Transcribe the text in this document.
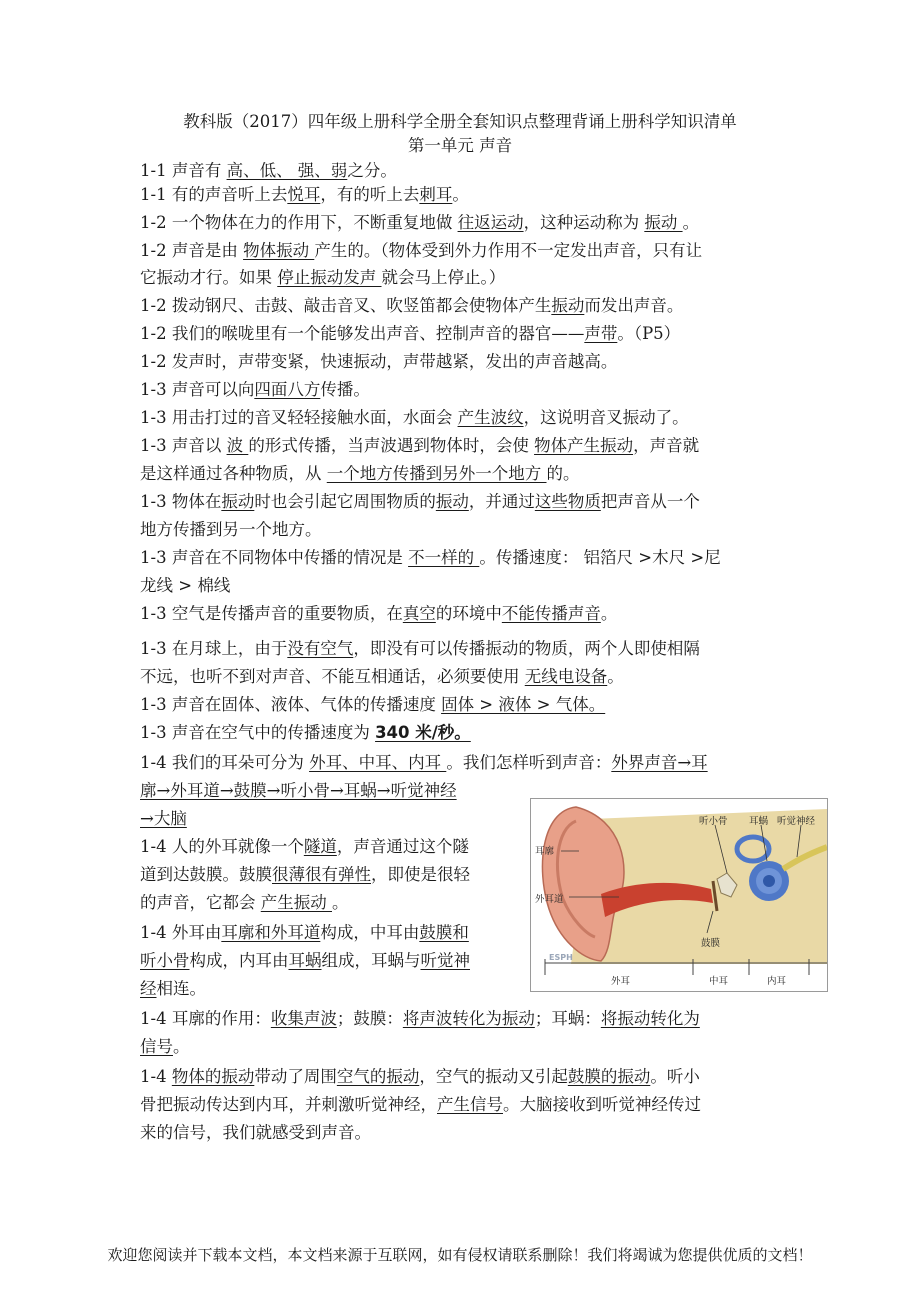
教科版（2017）四年级上册科学全册全套知识点整理背诵上册科学知识清单
第一单元 声音
1-1 声音有 高、低、 强、弱之分。
1-1 有的声音听上去悦耳，有的听上去刺耳。
1-2 一个物体在力的作用下，不断重复地做 往返运动，这种运动称为 振动 。
1-2 声音是由 物体振动 产生的。（物体受到外力作用不一定发出声音，只有让
它振动才行。如果 停止振动发声 就会马上停止。）
1-2 拨动钢尺、击鼓、敲击音叉、吹竖笛都会使物体产生振动而发出声音。
1-2 我们的喉咙里有一个能够发出声音、控制声音的器官——声带。（P5）
1-2 发声时，声带变紧，快速振动，声带越紧，发出的声音越高。
1-3 声音可以向四面八方传播。
1-3 用击打过的音叉轻轻接触水面，水面会 产生波纹，这说明音叉振动了。
1-3 声音以 波 的形式传播，当声波遇到物体时，会使 物体产生振动，声音就
是这样通过各种物质，从 一个地方传播到另外一个地方 的。
1-3 物体在振动时也会引起它周围物质的振动，并通过这些物质把声音从一个
地方传播到另一个地方。
1-3 声音在不同物体中传播的情况是 不一样的 。传播速度： 铝箔尺 >木尺 >尼
龙线 > 棉线
1-3 空气是传播声音的重要物质，在真空的环境中不能传播声音。
1-3 在月球上，由于没有空气，即没有可以传播振动的物质，两个人即使相隔
不远，也听不到对声音、不能互相通话，必须要使用 无线电设备。
1-3 声音在固体、液体、气体的传播速度 固体 > 液体 > 气体。
1-3 声音在空气中的传播速度为 340 米/秒。
1-4 我们的耳朵可分为 外耳、中耳、内耳 。我们怎样听到声音：外界声音→耳
廓→外耳道→鼓膜→听小骨→耳蜗→听觉神经
→大脑
1-4 人的外耳就像一个隧道，声音通过这个隧
道到达鼓膜。鼓膜很薄很有弹性，即使是很轻
的声音，它都会 产生振动 。
1-4 外耳由耳廓和外耳道构成，中耳由鼓膜和
听小骨构成，内耳由耳蜗组成，耳蜗与听觉神
经相连。
1-4 耳廓的作用：收集声波；鼓膜：将声波转化为振动；耳蜗：将振动转化为
信号。
1-4 物体的振动带动了周围空气的振动，空气的振动又引起鼓膜的振动。听小
骨把振动传达到内耳，并刺激听觉神经，产生信号。大脑接收到听觉神经传过
来的信号，我们就感受到声音。
耳廓
外耳道
听小骨 耳蜗 听觉神经
鼓膜
外耳	中耳	内耳
ESPH
欢迎您阅读并下载本文档，本文档来源于互联网，如有侵权请联系删除！我们将竭诚为您提供优质的文档！
